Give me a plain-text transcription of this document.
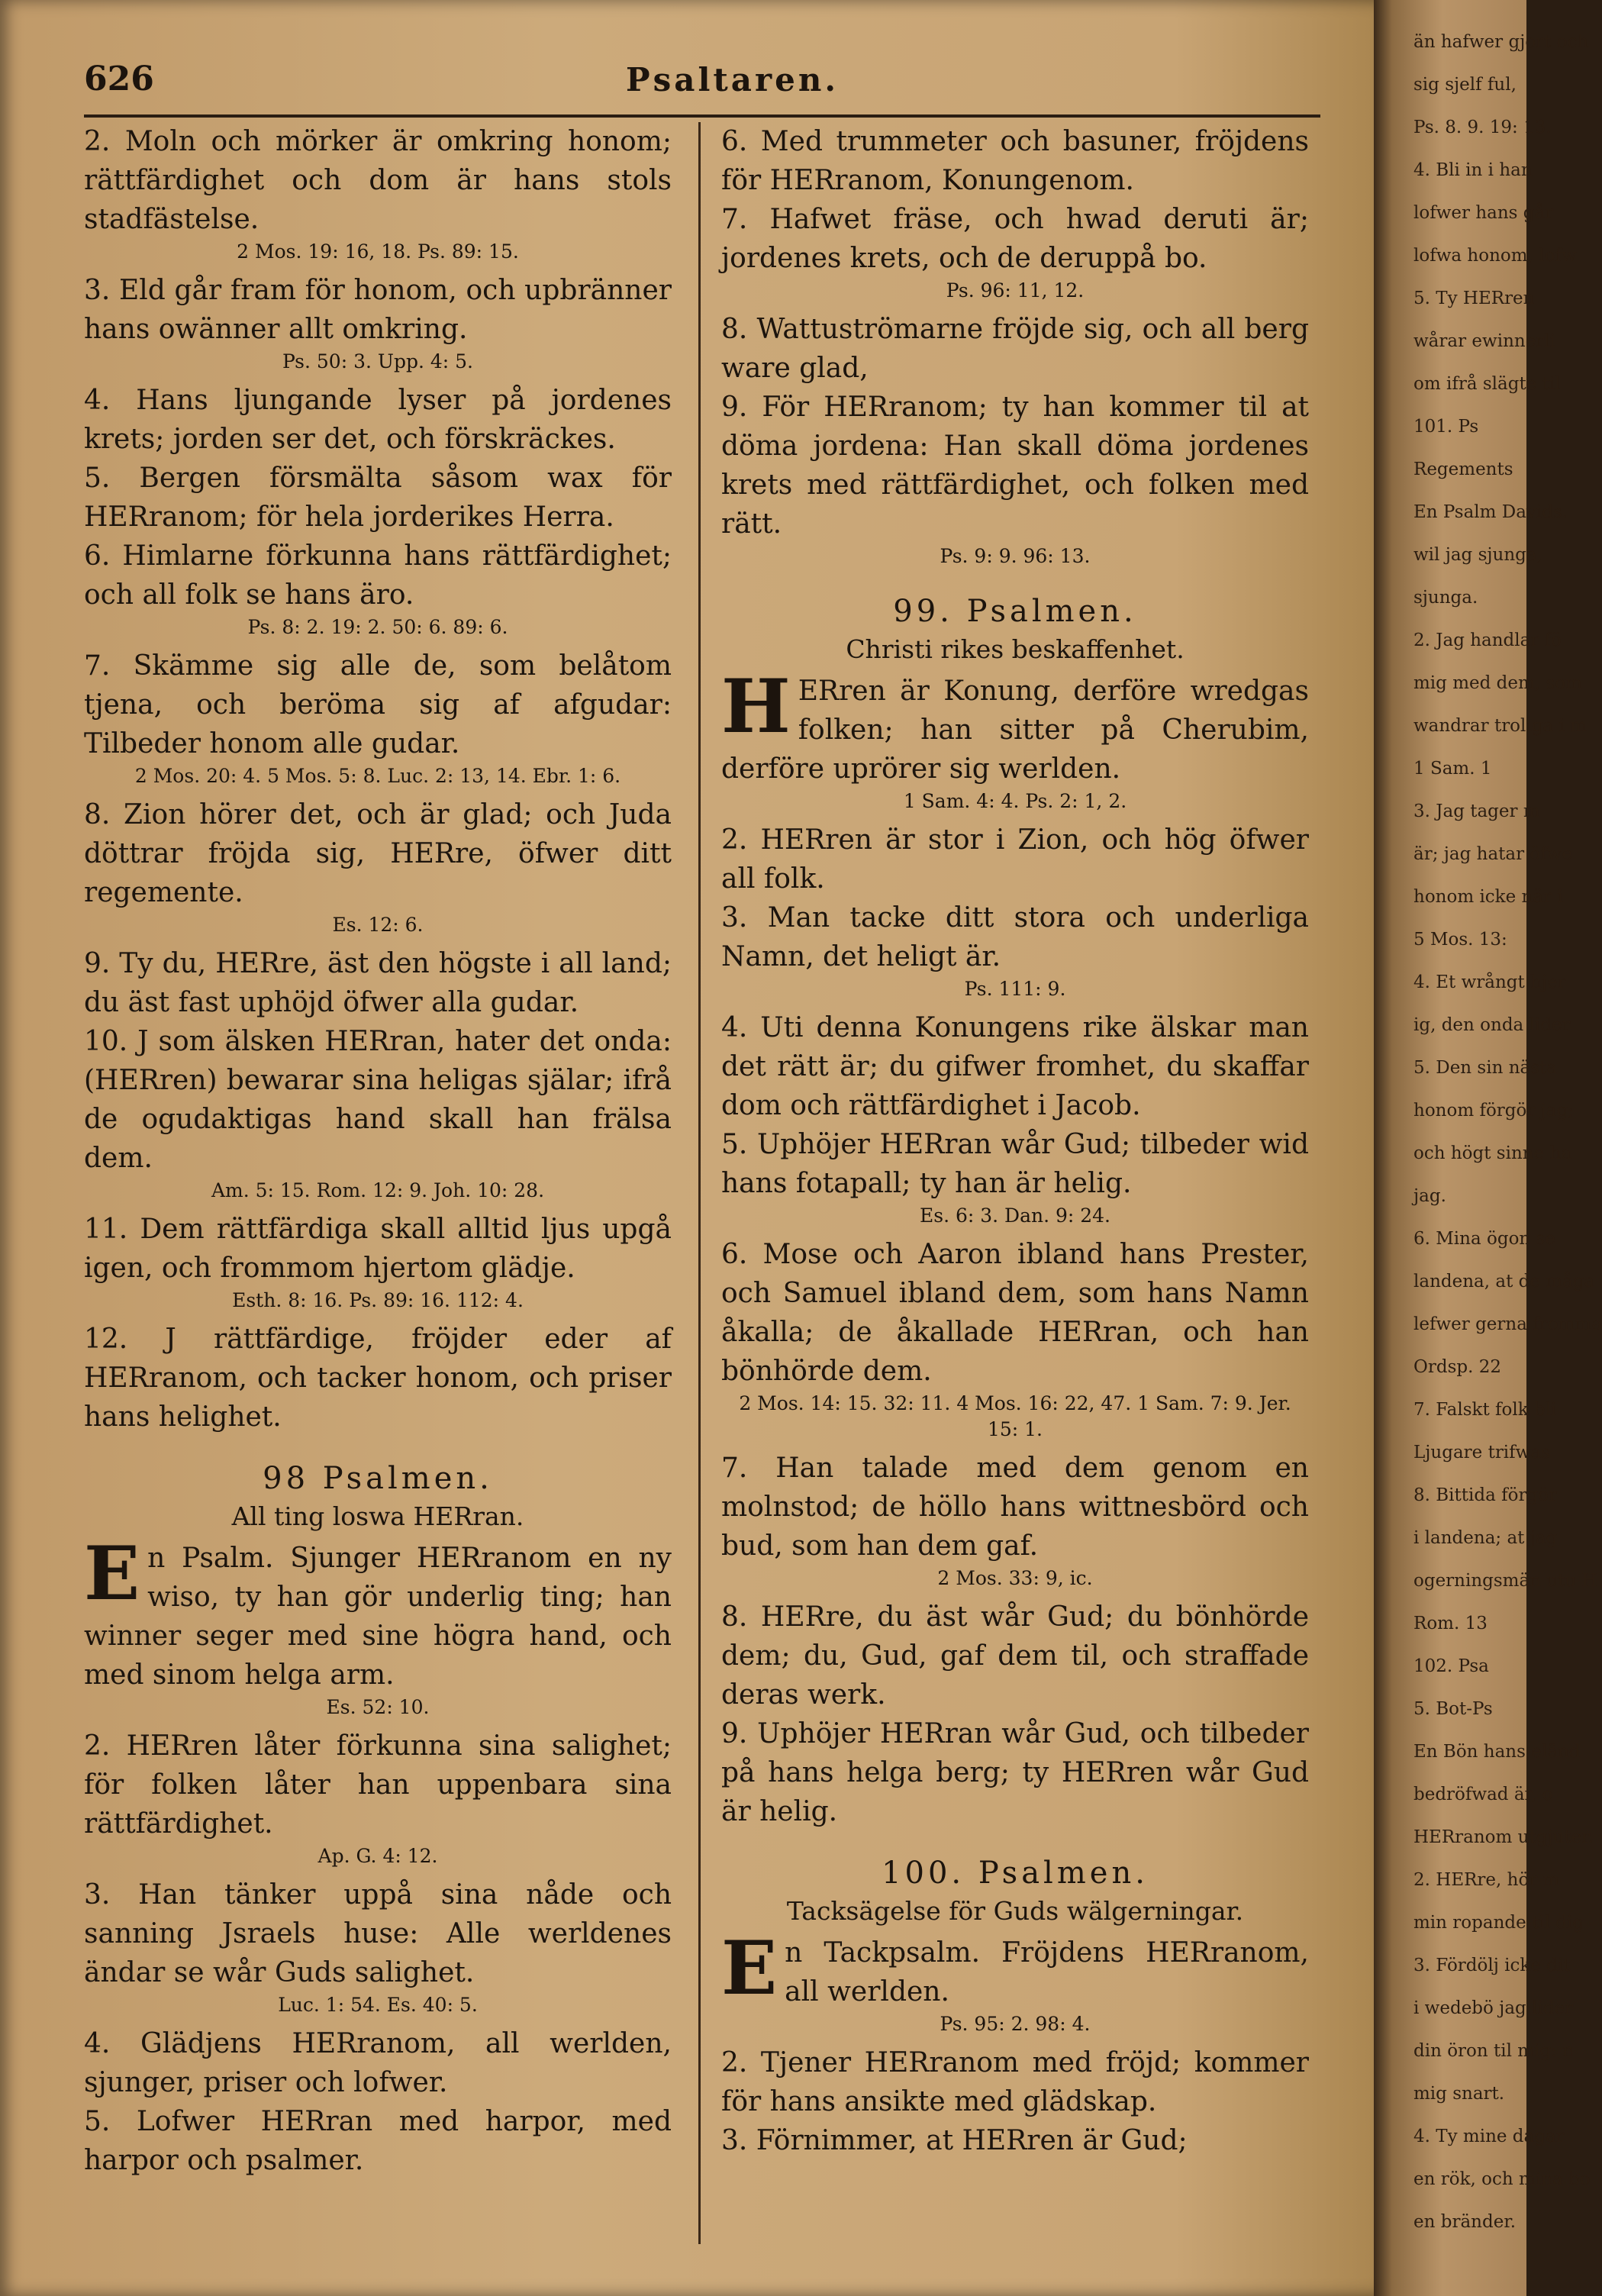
626	Psaltaren.

2. Moln och mörker är omkring honom; rättfärdighet och dom är hans stols stadfästelse.

2 Mos. 19: 16, 18. Ps. 89: 15.

3. Eld går fram för honom, och upbränner hans owänner allt omkring.

Ps. 50: 3. Upp. 4: 5.

4. Hans ljungande lyser på jordenes krets; jorden ser det, och förskräckes.

5. Bergen försmälta såsom wax för HERranom; för hela jorderikes Herra.

6. Himlarne förkunna hans rättfärdighet; och all folk se hans äro.

Ps. 8: 2. 19: 2. 50: 6. 89: 6.

7. Skämme sig alle de, som belåtom tjena, och beröma sig af afgudar: Tilbeder honom alle gudar.

2 Mos. 20: 4. 5 Mos. 5: 8. Luc. 2: 13, 14. Ebr. 1: 6.

8. Zion hörer det, och är glad; och Juda döttrar fröjda sig, HERre, öfwer ditt regemente.

Es. 12: 6.

9. Ty du, HERre, äst den högste i all land; du äst fast uphöjd öfwer alla gudar.

10. J som älsken HERran, hater det onda: (HERren) bewarar sina heligas själar; ifrå de ogudaktigas hand skall han frälsa dem.

Am. 5: 15. Rom. 12: 9. Joh. 10: 28.

11. Dem rättfärdiga skall alltid ljus upgå igen, och frommom hjertom glädje.

Esth. 8: 16. Ps. 89: 16. 112: 4.

12. J rättfärdige, fröjder eder af HERranom, och tacker honom, och priser hans helighet.

98 Psalmen.
All ting loswa HERran.

En Psalm. Sjunger HERranom en ny wiso, ty han gör underlig ting; han winner seger med sine högra hand, och med sinom helga arm.

Es. 52: 10.

2. HERren låter förkunna sina salighet; för folken låter han uppenbara sina rättfärdighet.

Ap. G. 4: 12.

3. Han tänker uppå sina nåde och sanning Jsraels huse: Alle werldenes ändar se wår Guds salighet.

Luc. 1: 54. Es. 40: 5.

4. Glädjens HERranom, all werlden, sjunger, priser och lofwer.

5. Lofwer HERran med harpor, med harpor och psalmer.

6. Med trummeter och basuner, fröjdens för HERranom, Konungenom.

7. Hafwet fräse, och hwad deruti är; jordenes krets, och de deruppå bo.

Ps. 96: 11, 12.

8. Wattuströmarne fröjde sig, och all berg ware glad,

9. För HERranom; ty han kommer til at döma jordena: Han skall döma jordenes krets med rättfärdighet, och folken med rätt.

Ps. 9: 9. 96: 13.

99. Psalmen.
Christi rikes beskaffenhet.

H ERren är Konung, derföre wredgas folken; han sitter på Cherubim, derföre uprörer sig werlden.

1 Sam. 4: 4. Ps. 2: 1, 2.

2. HERren är stor i Zion, och hög öfwer all folk.

3. Man tacke ditt stora och underliga Namn, det heligt är.

Ps. 111: 9.

4. Uti denna Konungens rike älskar man det rätt är; du gifwer fromhet, du skaffar dom och rättfärdighet i Jacob.

5. Uphöjer HERran wår Gud; tilbeder wid hans fotapall; ty han är helig.

Es. 6: 3. Dan. 9: 24.

6. Mose och Aaron ibland hans Prester, och Samuel ibland dem, som hans Namn åkalla; de åkallade HERran, och han bönhörde dem.

2 Mos. 14: 15. 32: 11. 4 Mos. 16: 22, 47. 1 Sam. 7: 9. Jer. 15: 1.

7. Han talade med dem genom en molnstod; de höllo hans wittnesbörd och bud, som han dem gaf.

2 Mos. 33: 9, ic.

8. HERre, du äst wår Gud; du bönhörde dem; du, Gud, gaf dem til, och straffade deras werk.

9. Uphöjer HERran wår Gud, och tilbeder på hans helga berg; ty HERren wår Gud är helig.

100. Psalmen.
Tacksägelse för Guds wälgerningar.

En Tackpsalm. Fröjdens HERranom, all werlden.

Ps. 95: 2. 98: 4.

2. Tjener HERranom med fröjd; kommer för hans ansikte med glädskap.

3. Förnimmer, at HERren är Gud;

än hafwer gjort och
sig sjelf ful,
Ps. 8. 9. 19: 13.
4. Bli in i han
lofwer hans går
lofwa honom, lofw
5. Ty HERren
wårar ewinnerli
om ifrå slägte til
101. Ps
Regements
En Psalm Davids.
wil jag sjunga,
sjunga.
2. Jag handlar fö
mig med dem, som
wandrar troliga i m
1 Sam. 1
3. Jag tager m
är; jag hatar öfwe
honom icke när i
5 Mos. 13:
4. Et wrångt hjer
ig, den onda lider
5. Den sin nästa
honom förgör jag;
och högt sinne ha
jag.
6. Mina ögon se
landena, at de måga
lefwer gerna fromma
Ordsp. 22
7. Falskt folk bli
Ljugare trifwas
8. Bittida förgör
i landena; at jag
ogerningsmän utu H
Rom. 13
102. Psa
5. Bot-Ps
En Bön hans eländ
bedröfwad är, o
HERranom utgjuter.
2. HERre, hör m
min ropande til dig
3. Fördölj icke dit
i wedebö jag lider
din öron til mig: n
mig snart.
4. Ty mine dagar
en rök, och mina bo
en bränder.
